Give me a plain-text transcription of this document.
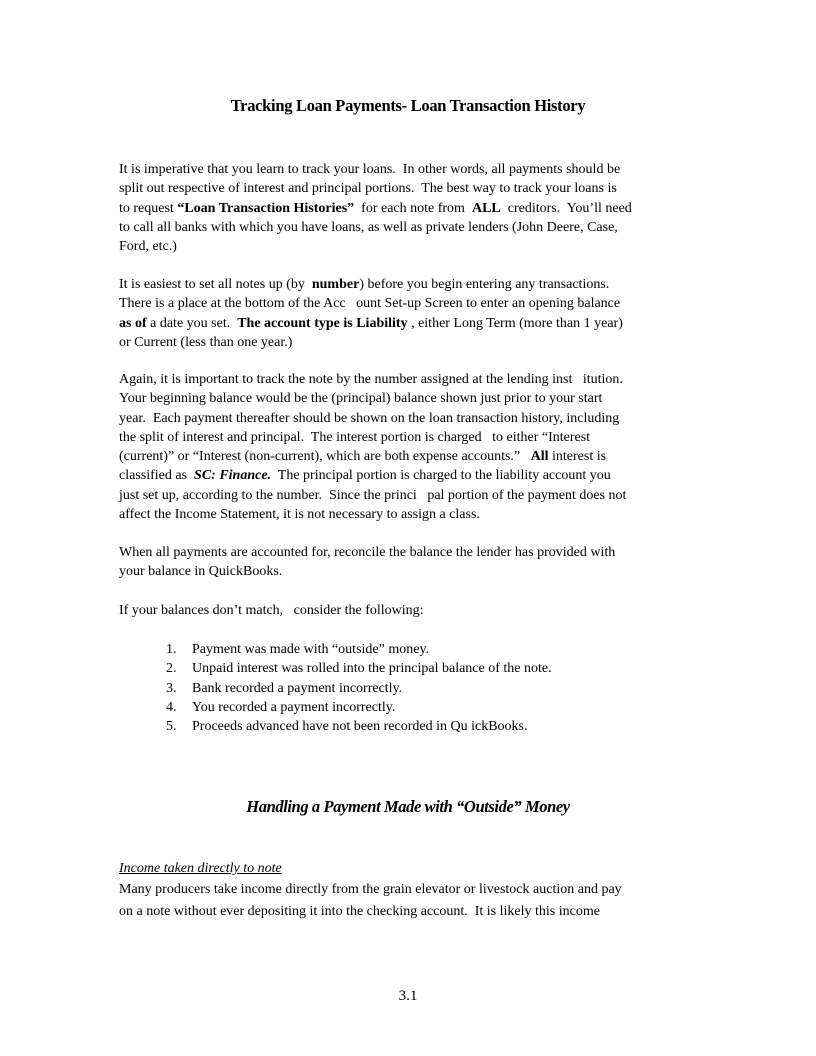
Tracking Loan Payments- Loan Transaction History
It is imperative that you learn to track your loans.  In other words, all payments should be
split out respective of interest and principal portions.  The best way to track your loans is
to request “Loan Transaction Histories”  for each note from  ALL  creditors.  You’ll need
to call all banks with which you have loans, as well as private lenders (John Deere, Case,
Ford, etc.)
It is easiest to set all notes up (by  number) before you begin entering any transactions.
There is a place at the bottom of the Acc   ount Set-up Screen to enter an opening balance
as of a date you set.  The account type is Liability , either Long Term (more than 1 year)
or Current (less than one year.)
Again, it is important to track the note by the number assigned at the lending inst   itution.
Your beginning balance would be the (principal) balance shown just prior to your start
year.  Each payment thereafter should be shown on the loan transaction history, including
the split of interest and principal.  The interest portion is charged   to either “Interest
(current)” or “Interest (non-current), which are both expense accounts.”   All interest is
classified as  SC: Finance.  The principal portion is charged to the liability account you
just set up, according to the number.  Since the princi   pal portion of the payment does not
affect the Income Statement, it is not necessary to assign a class.
When all payments are accounted for, reconcile the balance the lender has provided with
your balance in QuickBooks.
If your balances don’t match,   consider the following:
1.	Payment was made with “outside” money.
2.	Unpaid interest was rolled into the principal balance of the note.
3.	Bank recorded a payment incorrectly.
4.	You recorded a payment incorrectly.
5.	Proceeds advanced have not been recorded in Qu ickBooks.
Handling a Payment Made with “Outside” Money
Income taken directly to note
Many producers take income directly from the grain elevator or livestock auction and pay
on a note without ever depositing it into the checking account.  It is likely this income
3.1
